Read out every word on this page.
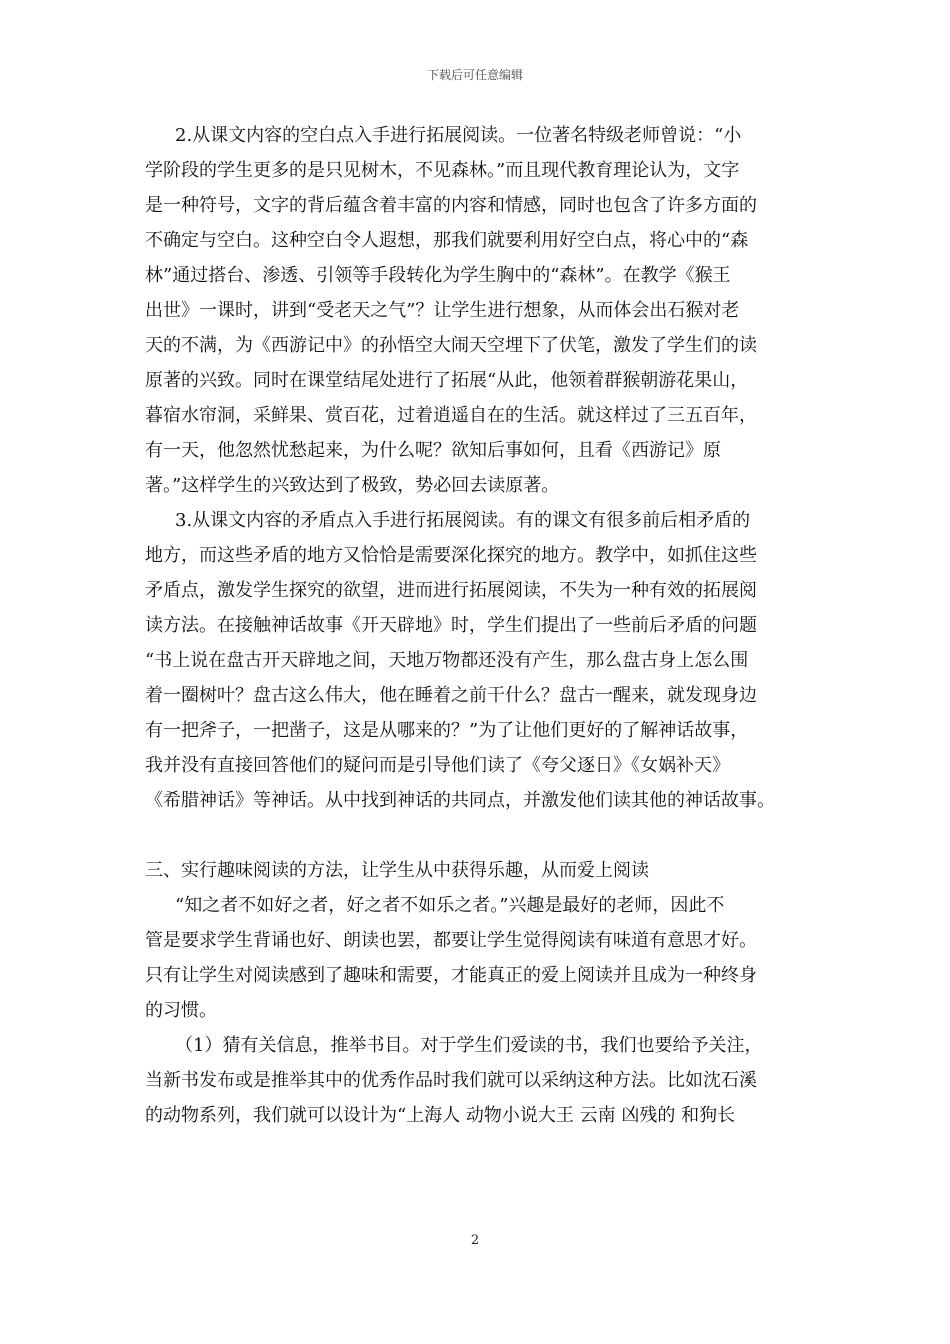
下载后可任意编辑
2.从课文内容的空白点入手进行拓展阅读。一位著名特级老师曾说：“小
学阶段的学生更多的是只见树木，不见森林。”而且现代教育理论认为，文字
是一种符号，文字的背后蕴含着丰富的内容和情感，同时也包含了许多方面的
不确定与空白。这种空白令人遐想，那我们就要利用好空白点，将心中的“森
林”通过搭台、渗透、引领等手段转化为学生胸中的“森林”。在教学《猴王
出世》一课时，讲到“受老天之气”？让学生进行想象，从而体会出石猴对老
天的不满，为《西游记中》的孙悟空大闹天空埋下了伏笔，激发了学生们的读
原著的兴致。同时在课堂结尾处进行了拓展“从此，他领着群猴朝游花果山，
暮宿水帘洞，采鲜果、赏百花，过着逍遥自在的生活。就这样过了三五百年，
有一天，他忽然忧愁起来，为什么呢？欲知后事如何，且看《西游记》原
著。”这样学生的兴致达到了极致，势必回去读原著。
3.从课文内容的矛盾点入手进行拓展阅读。有的课文有很多前后相矛盾的
地方，而这些矛盾的地方又恰恰是需要深化探究的地方。教学中，如抓住这些
矛盾点，激发学生探究的欲望，进而进行拓展阅读，不失为一种有效的拓展阅
读方法。在接触神话故事《开天辟地》时，学生们提出了一些前后矛盾的问题
“书上说在盘古开天辟地之间，天地万物都还没有产生，那么盘古身上怎么围
着一圈树叶？盘古这么伟大，他在睡着之前干什么？盘古一醒来，就发现身边
有一把斧子，一把凿子，这是从哪来的？”为了让他们更好的了解神话故事，
我并没有直接回答他们的疑问而是引导他们读了《夸父逐日》《女娲补天》
《希腊神话》等神话。从中找到神话的共同点，并激发他们读其他的神话故事。
三、实行趣味阅读的方法，让学生从中获得乐趣，从而爱上阅读
“知之者不如好之者，好之者不如乐之者。”兴趣是最好的老师，因此不
管是要求学生背诵也好、朗读也罢，都要让学生觉得阅读有味道有意思才好。
只有让学生对阅读感到了趣味和需要，才能真正的爱上阅读并且成为一种终身
的习惯。
（1）猜有关信息，推举书目。对于学生们爱读的书，我们也要给予关注，
当新书发布或是推举其中的优秀作品时我们就可以采纳这种方法。比如沈石溪
的动物系列，我们就可以设计为“上海人 动物小说大王 云南 凶残的 和狗长
2
